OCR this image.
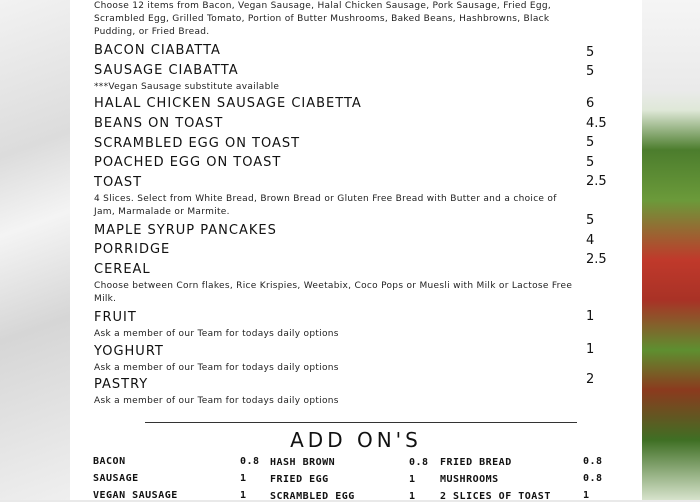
Choose 12 items from Bacon, Vegan Sausage, Halal Chicken Sausage, Pork Sausage, Fried Egg, Scrambled Egg, Grilled Tomato, Portion of Butter Mushrooms, Baked Beans, Hashbrowns, Black Pudding, or Fried Bread.
BACON CIABATTA	5
SAUSAGE CIABATTA	5
***Vegan Sausage substitute available
HALAL CHICKEN SAUSAGE CIABETTA	6
BEANS ON TOAST	4.5
SCRAMBLED EGG ON TOAST	5
POACHED EGG ON TOAST	5
TOAST	2.5
4 Slices. Select from White Bread, Brown Bread or Gluten Free Bread with Butter and a choice of Jam, Marmalade or Marmite.
MAPLE SYRUP PANCAKES
5
PORRIDGE
4
CEREAL
2.5
Choose between Corn flakes, Rice Krispies, Weetabix, Coco Pops or Muesli with Milk or Lactose Free Milk.
FRUIT	1
Ask a member of our Team for todays daily options
YOGHURT	1
Ask a member of our Team for todays daily options
PASTRY	2
Ask a member of our Team for todays daily options
ADD ON'S
BACON	0.8
SAUSAGE	1
VEGAN SAUSAGE	1
HASH BROWN	0.8
FRIED EGG	1
SCRAMBLED EGG	1
FRIED BREAD	0.8
MUSHROOMS	0.8
2 SLICES OF TOAST	1
